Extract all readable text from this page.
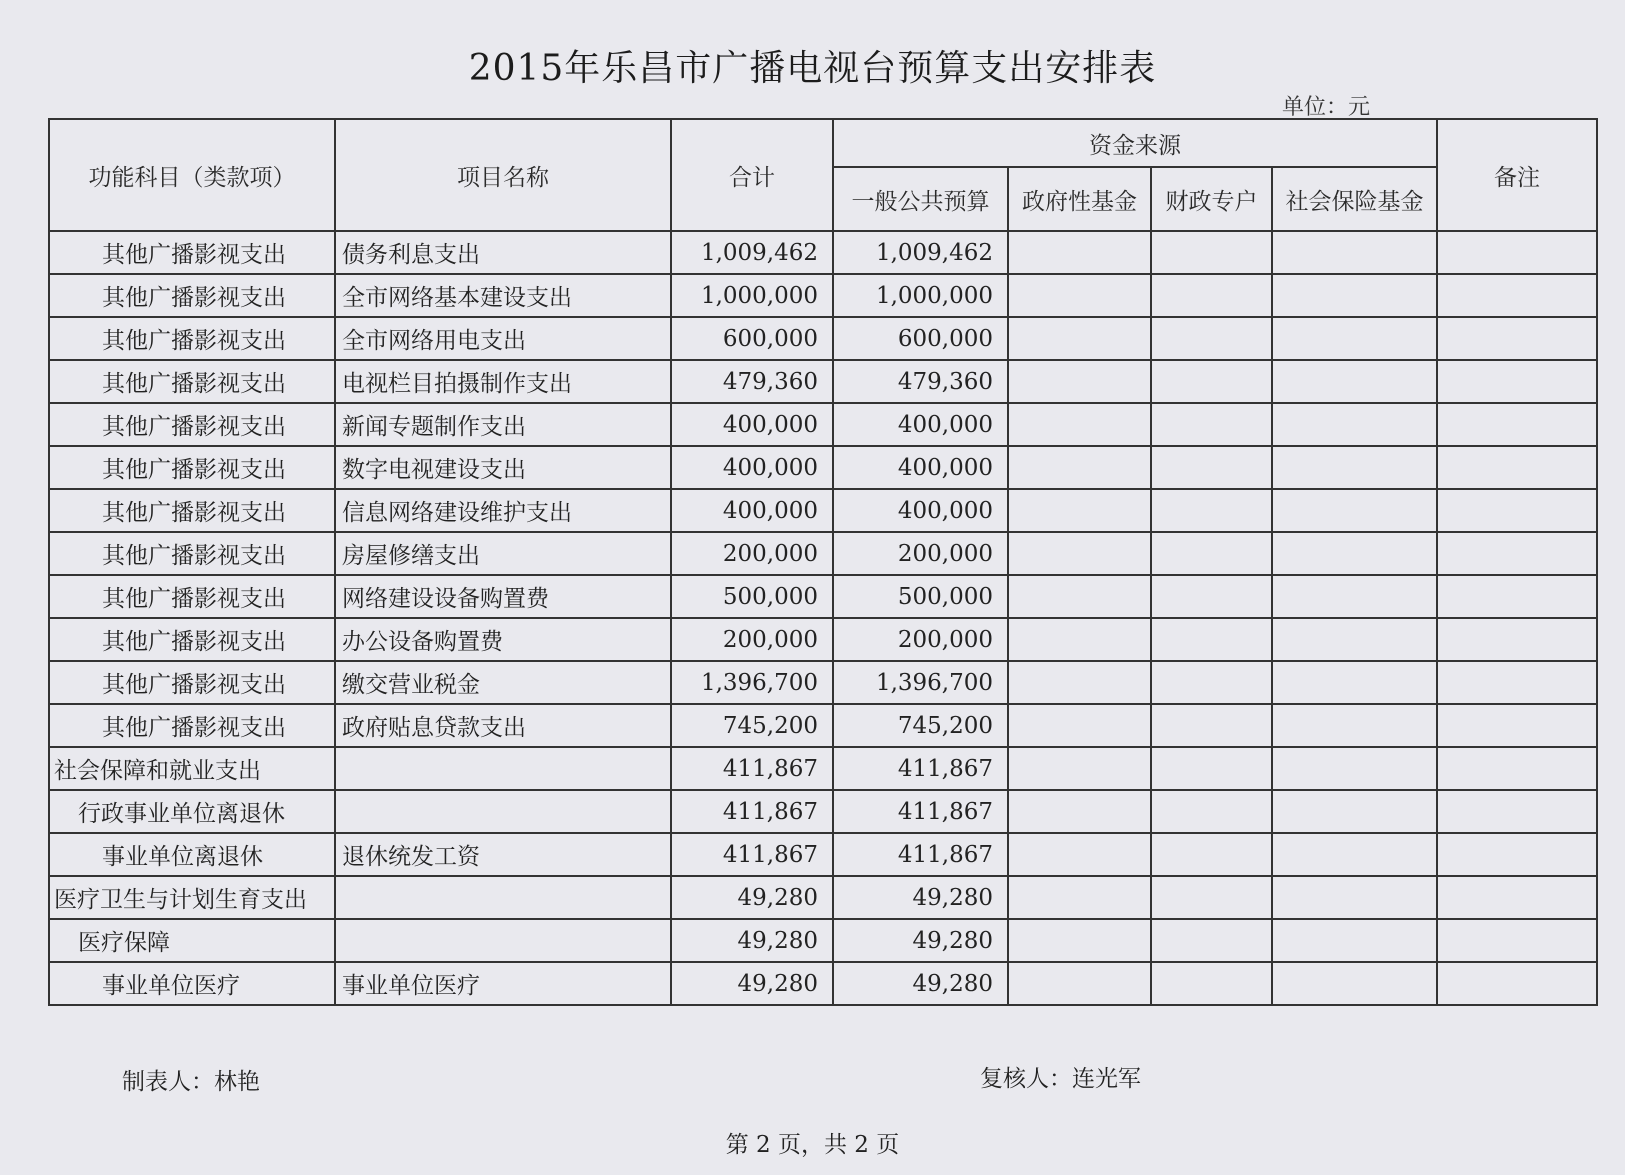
2015年乐昌市广播电视台预算支出安排表
单位：元
功能科目（类款项）	项目名称	合计	资金来源				备注
			一般公共预算	政府性基金	财政专户	社会保险基金	
其他广播影视支出	债务利息支出	1,009,462	1,009,462				
其他广播影视支出	全市网络基本建设支出	1,000,000	1,000,000				
其他广播影视支出	全市网络用电支出	600,000	600,000				
其他广播影视支出	电视栏目拍摄制作支出	479,360	479,360				
其他广播影视支出	新闻专题制作支出	400,000	400,000				
其他广播影视支出	数字电视建设支出	400,000	400,000				
其他广播影视支出	信息网络建设维护支出	400,000	400,000				
其他广播影视支出	房屋修缮支出	200,000	200,000				
其他广播影视支出	网络建设设备购置费	500,000	500,000				
其他广播影视支出	办公设备购置费	200,000	200,000				
其他广播影视支出	缴交营业税金	1,396,700	1,396,700				
其他广播影视支出	政府贴息贷款支出	745,200	745,200				
社会保障和就业支出		411,867	411,867				
行政事业单位离退休		411,867	411,867				
事业单位离退休	退休统发工资	411,867	411,867				
医疗卫生与计划生育支出		49,280	49,280				
医疗保障		49,280	49,280				
事业单位医疗	事业单位医疗	49,280	49,280				
制表人：林艳	复核人：连光军
第 2 页，共 2 页
